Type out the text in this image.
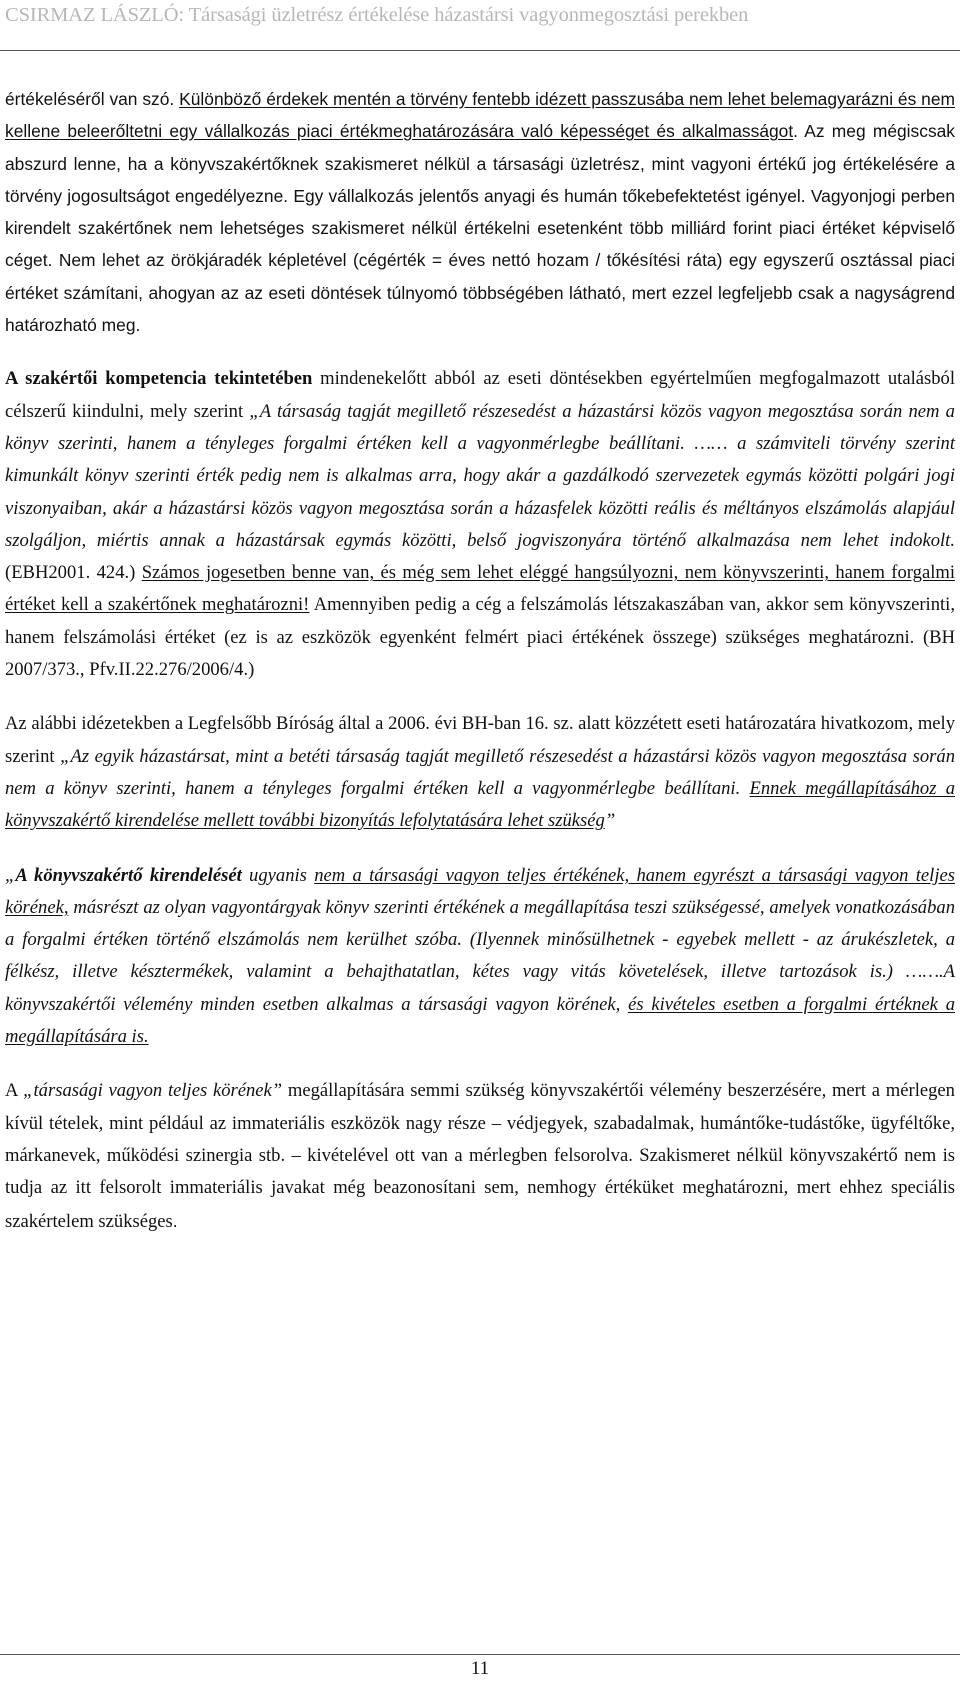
CSIRMAZ LÁSZLÓ: Társasági üzletrész értékelése házastársi vagyonmegosztási perekben

értékeléséről van szó. Különböző érdekek mentén a törvény fentebb idézett passzusába nem lehet belemagyarázni és nem kellene beleerőltetni egy vállalkozás piaci értékmeghatározására való képességet és alkalmasságot. Az meg mégiscsak abszurd lenne, ha a könyvszakértőknek szakismeret nélkül a társasági üzletrész, mint vagyoni értékű jog értékelésére a törvény jogosultságot engedélyezne. Egy vállalkozás jelentős anyagi és humán tőkebefektetést igényel. Vagyonjogi perben kirendelt szakértőnek nem lehetséges szakismeret nélkül értékelni esetenként több milliárd forint piaci értéket képviselő céget. Nem lehet az örökjáradék képletével (cégérték = éves nettó hozam / tőkésítési ráta) egy egyszerű osztással piaci értéket számítani, ahogyan az az eseti döntések túlnyomó többségében látható, mert ezzel legfeljebb csak a nagyságrend határozható meg.

A szakértői kompetencia tekintetében mindenekelőtt abból az eseti döntésekben egyértelműen megfogalmazott utalásból célszerű kiindulni, mely szerint „A társaság tagját megillető részesedést a házastársi közös vagyon megosztása során nem a könyv szerinti, hanem a tényleges forgalmi értéken kell a vagyonmérlegbe beállítani. …… a számviteli törvény szerint kimunkált könyv szerinti érték pedig nem is alkalmas arra, hogy akár a gazdálkodó szervezetek egymás közötti polgári jogi viszonyaiban, akár a házastársi közös vagyon megosztása során a házasfelek közötti reális és méltányos elszámolás alapjául szolgáljon, miértis annak a házastársak egymás közötti, belső jogviszonyára történő alkalmazása nem lehet indokolt. (EBH2001. 424.) Számos jogesetben benne van, és még sem lehet eléggé hangsúlyozni, nem könyvszerinti, hanem forgalmi értéket kell a szakértőnek meghatározni! Amennyiben pedig a cég a felszámolás létszakaszában van, akkor sem könyvszerinti, hanem felszámolási értéket (ez is az eszközök egyenként felmért piaci értékének összege) szükséges meghatározni. (BH 2007/373., Pfv.II.22.276/2006/4.)

Az alábbi idézetekben a Legfelsőbb Bíróság által a 2006. évi BH-ban 16. sz. alatt közzétett eseti határozatára hivatkozom, mely szerint „Az egyik házastársat, mint a betéti társaság tagját megillető részesedést a házastársi közös vagyon megosztása során nem a könyv szerinti, hanem a tényleges forgalmi értéken kell a vagyonmérlegbe beállítani. Ennek megállapításához a könyvszakértő kirendelése mellett további bizonyítás lefolytatására lehet szükség”

„A könyvszakértő kirendelését ugyanis nem a társasági vagyon teljes értékének, hanem egyrészt a társasági vagyon teljes körének, másrészt az olyan vagyontárgyak könyv szerinti értékének a megállapítása teszi szükségessé, amelyek vonatkozásában a forgalmi értéken történő elszámolás nem kerülhet szóba. (Ilyennek minősülhetnek - egyebek mellett - az árukészletek, a félkész, illetve késztermékek, valamint a behajthatatlan, kétes vagy vitás követelések, illetve tartozások is.) …….A könyvszakértői vélemény minden esetben alkalmas a társasági vagyon körének, és kivételes esetben a forgalmi értéknek a megállapítására is.

A „társasági vagyon teljes körének” megállapítására semmi szükség könyvszakértői vélemény beszerzésére, mert a mérlegen kívül tételek, mint például az immateriális eszközök nagy része – védjegyek, szabadalmak, humántőke-tudástőke, ügyféltőke, márkanevek, működési szinergia stb. – kivételével ott van a mérlegben felsorolva. Szakismeret nélkül könyvszakértő nem is tudja az itt felsorolt immateriális javakat még beazonosítani sem, nemhogy értéküket meghatározni, mert ehhez speciális szakértelem szükséges.

11
